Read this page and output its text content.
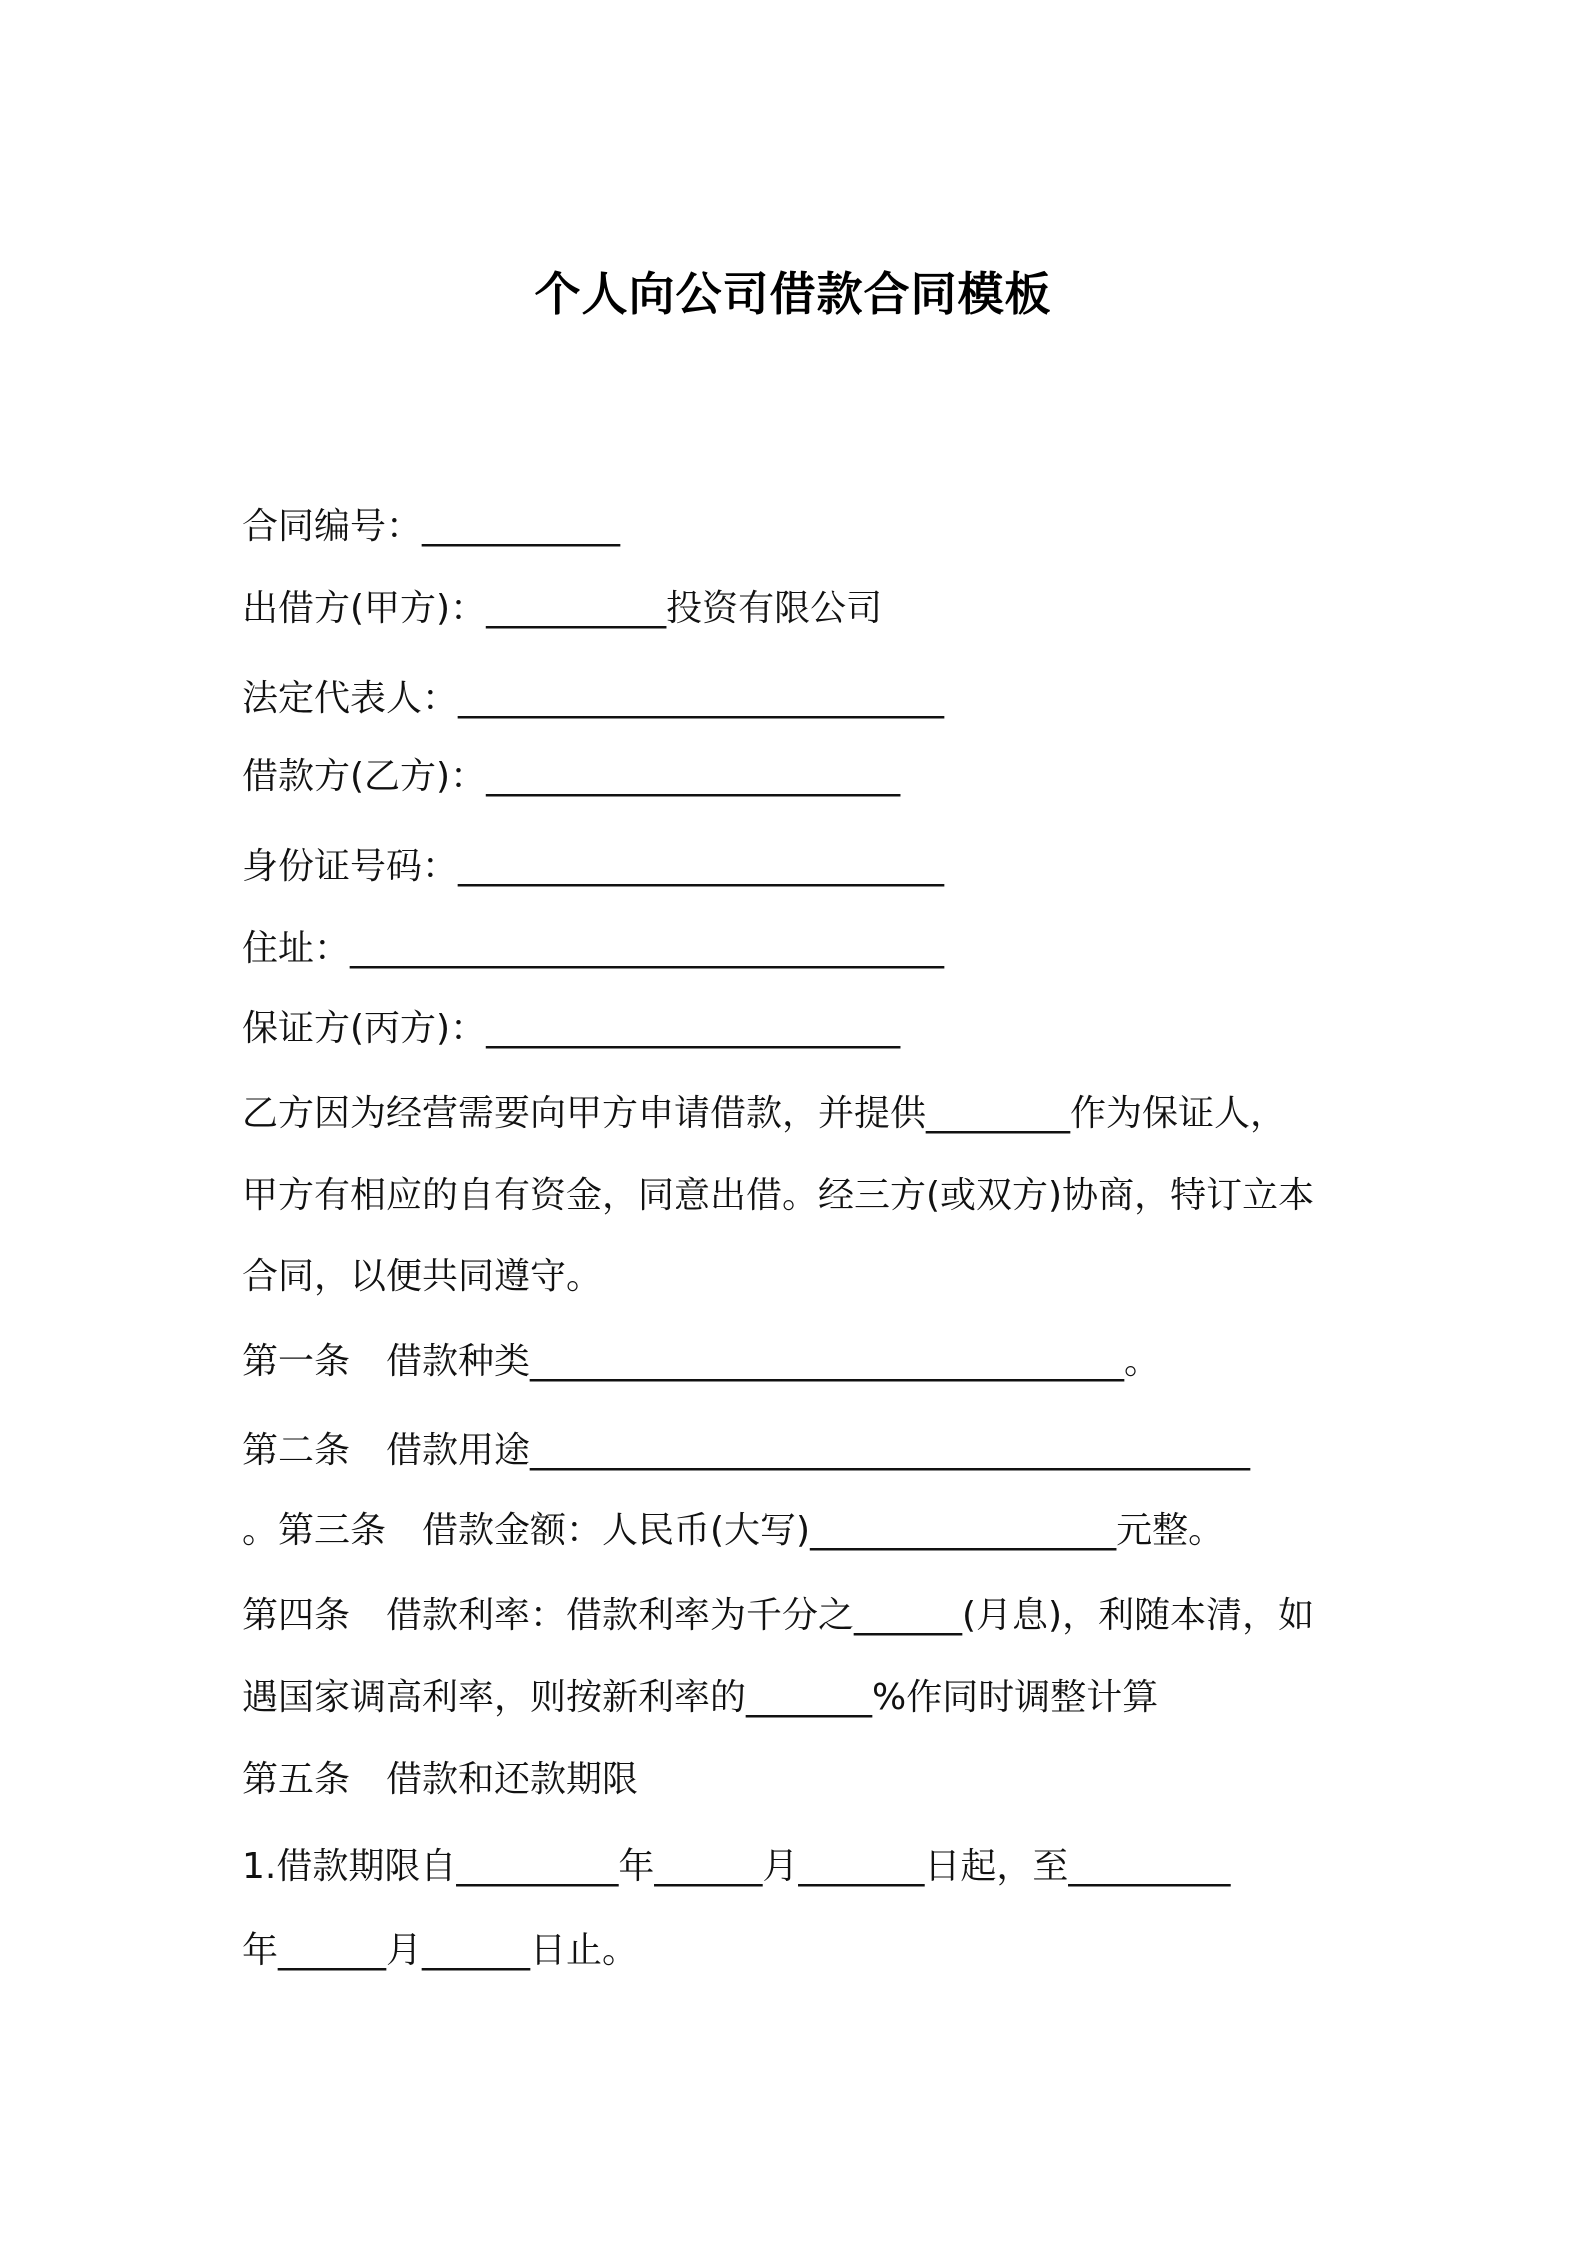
个人向公司借款合同模板
合同编号：___________
出借方(甲方)：__________投资有限公司
法定代表人：___________________________
借款方(乙方)：_______________________
身份证号码：___________________________
住址：_________________________________
保证方(丙方)：_______________________
乙方因为经营需要向甲方申请借款，并提供________作为保证人，
甲方有相应的自有资金，同意出借。经三方(或双方)协商，特订立本
合同，以便共同遵守。
第一条　借款种类_________________________________。
第二条　借款用途________________________________________
。第三条　借款金额：人民币(大写)_________________元整。
第四条　借款利率：借款利率为千分之______(月息)，利随本清，如
遇国家调高利率，则按新利率的_______%作同时调整计算
第五条　借款和还款期限
1.借款期限自_________年______月_______日起，至_________
年______月______日止。
